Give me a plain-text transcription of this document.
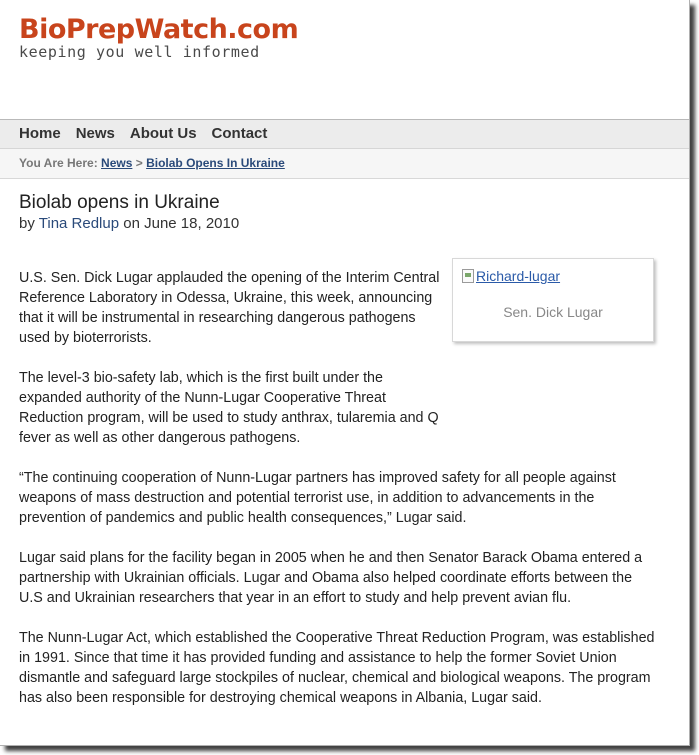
BioPrepWatch.com
keeping you well informed
Home News About Us Contact
You Are Here: News > Biolab Opens In Ukraine
Biolab opens in Ukraine
by Tina Redlup on June 18, 2010
Richard-lugar
Sen. Dick Lugar

U.S. Sen. Dick Lugar applauded the opening of the Interim Central Reference Laboratory in Odessa, Ukraine, this week, announcing that it will be instrumental in researching dangerous pathogens used by bioterrorists.

The level-3 bio-safety lab, which is the first built under the expanded authority of the Nunn-Lugar Cooperative Threat Reduction program, will be used to study anthrax, tularemia and Q fever as well as other dangerous pathogens.

“The continuing cooperation of Nunn-Lugar partners has improved safety for all people against weapons of mass destruction and potential terrorist use, in addition to advancements in the prevention of pandemics and public health consequences,” Lugar said.

Lugar said plans for the facility began in 2005 when he and then Senator Barack Obama entered a partnership with Ukrainian officials. Lugar and Obama also helped coordinate efforts between the U.S and Ukrainian researchers that year in an effort to study and help prevent avian flu.

The Nunn-Lugar Act, which established the Cooperative Threat Reduction Program, was established in 1991. Since that time it has provided funding and assistance to help the former Soviet Union dismantle and safeguard large stockpiles of nuclear, chemical and biological weapons. The program has also been responsible for destroying chemical weapons in Albania, Lugar said.
